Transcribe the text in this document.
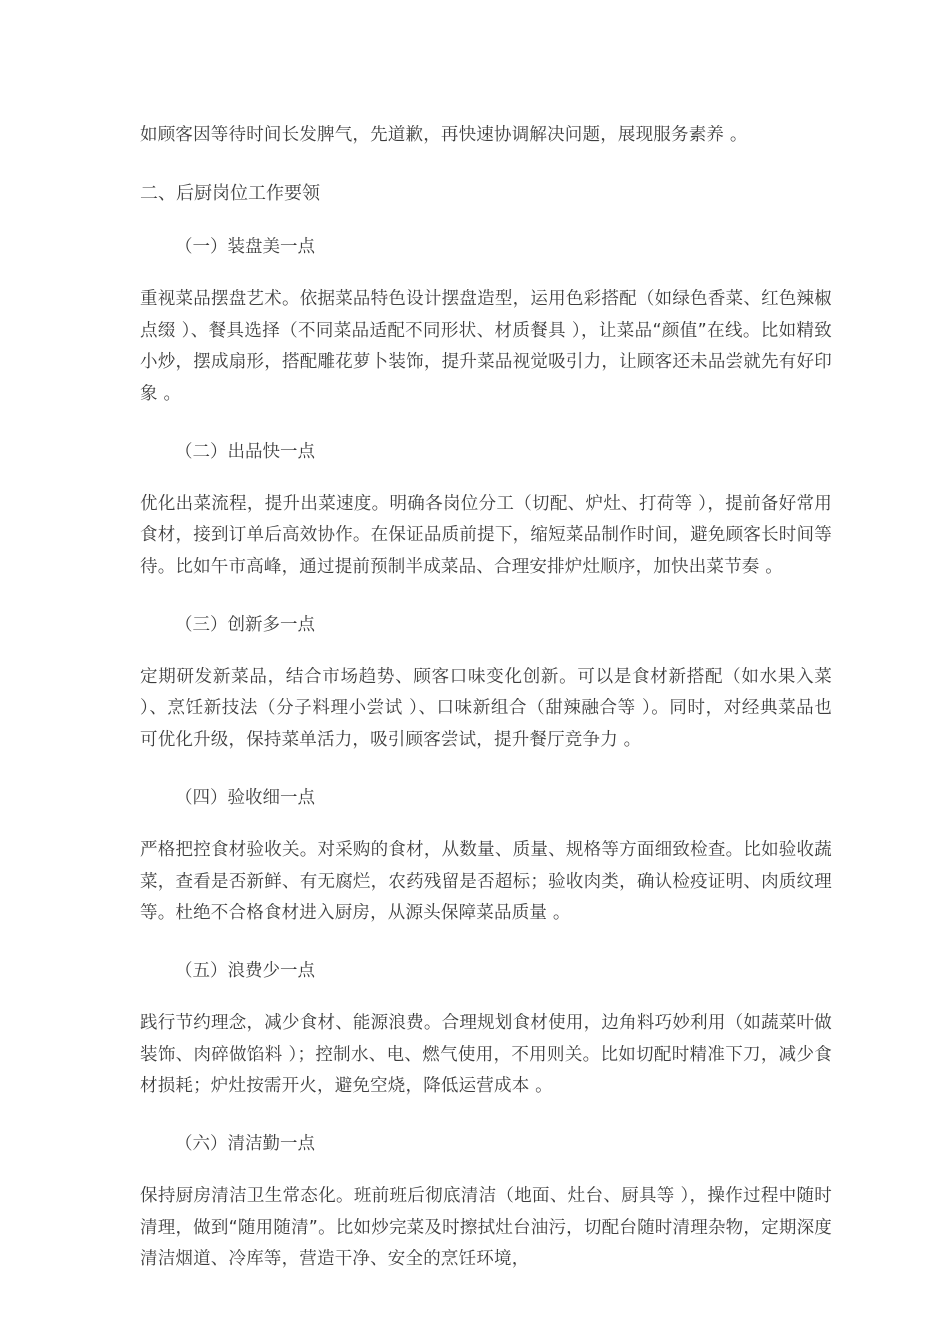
如顾客因等待时间长发脾气，先道歉，再快速协调解决问题，展现服务素养 。

二、后厨岗位工作要领
（一）装盘美一点

重视菜品摆盘艺术。依据菜品特色设计摆盘造型，运用色彩搭配（如绿色香菜、红色辣椒点缀 ）、餐具选择（不同菜品适配不同形状、材质餐具 ），让菜品“颜值”在线。比如精致小炒，摆成扇形，搭配雕花萝卜装饰，提升菜品视觉吸引力，让顾客还未品尝就先有好印象 。

（二）出品快一点

优化出菜流程，提升出菜速度。明确各岗位分工（切配、炉灶、打荷等 ），提前备好常用食材，接到订单后高效协作。在保证品质前提下，缩短菜品制作时间，避免顾客长时间等待。比如午市高峰，通过提前预制半成菜品、合理安排炉灶顺序，加快出菜节奏 。

（三）创新多一点

定期研发新菜品，结合市场趋势、顾客口味变化创新。可以是食材新搭配（如水果入菜 ）、烹饪新技法（分子料理小尝试 ）、口味新组合（甜辣融合等 ）。同时，对经典菜品也可优化升级，保持菜单活力，吸引顾客尝试，提升餐厅竞争力 。

（四）验收细一点

严格把控食材验收关。对采购的食材，从数量、质量、规格等方面细致检查。比如验收蔬菜，查看是否新鲜、有无腐烂，农药残留是否超标；验收肉类，确认检疫证明、肉质纹理等。杜绝不合格食材进入厨房，从源头保障菜品质量 。

（五）浪费少一点

践行节约理念，减少食材、能源浪费。合理规划食材使用，边角料巧妙利用（如蔬菜叶做装饰、肉碎做馅料 ）；控制水、电、燃气使用，不用则关。比如切配时精准下刀，减少食材损耗；炉灶按需开火，避免空烧，降低运营成本 。

（六）清洁勤一点

保持厨房清洁卫生常态化。班前班后彻底清洁（地面、灶台、厨具等 ），操作过程中随时清理，做到“随用随清”。比如炒完菜及时擦拭灶台油污，切配台随时清理杂物，定期深度清洁烟道、冷库等，营造干净、安全的烹饪环境，
